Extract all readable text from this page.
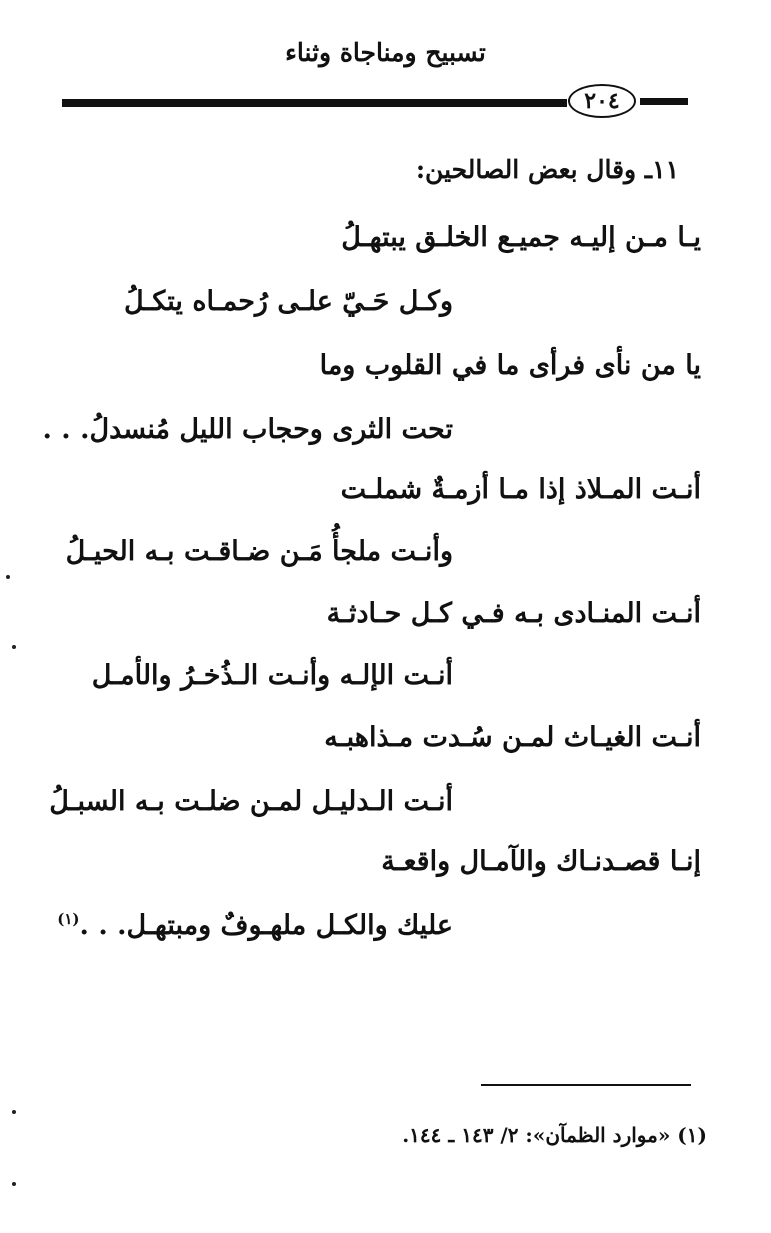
تسبيح ومناجاة وثناء
٢٠٤
١١ـ وقال بعض الصالحين:
يـا مـن إليـه جميـع الخلـق يبتهـلُ
وكـل حَـيّ علـى رُحمـاه يتكـلُ
يا من نأى فرأى ما في القلوب وما
تحت الثرى وحجاب الليل مُنسدلُ. . .
أنـت المـلاذ إذا مـا أزمـةٌ شملـت
وأنـت ملجأُ مَـن ضـاقـت بـه الحيـلُ
أنـت المنـادى بـه فـي كـل حـادثـة
أنـت الإلـه وأنـت الـذُخـرُ والأمـل
أنـت الغيـاث لمـن سُـدت مـذاهبـه
أنـت الـدليـل لمـن ضلـت بـه السبـلُ
إنـا قصـدنـاك والآمـال واقعـة
عليك والكـل ملهـوفٌ ومبتهـل. . .$^{(١)}$
(١) «موارد الظمآن»: ٢/ ١٤٣ ـ ١٤٤.
